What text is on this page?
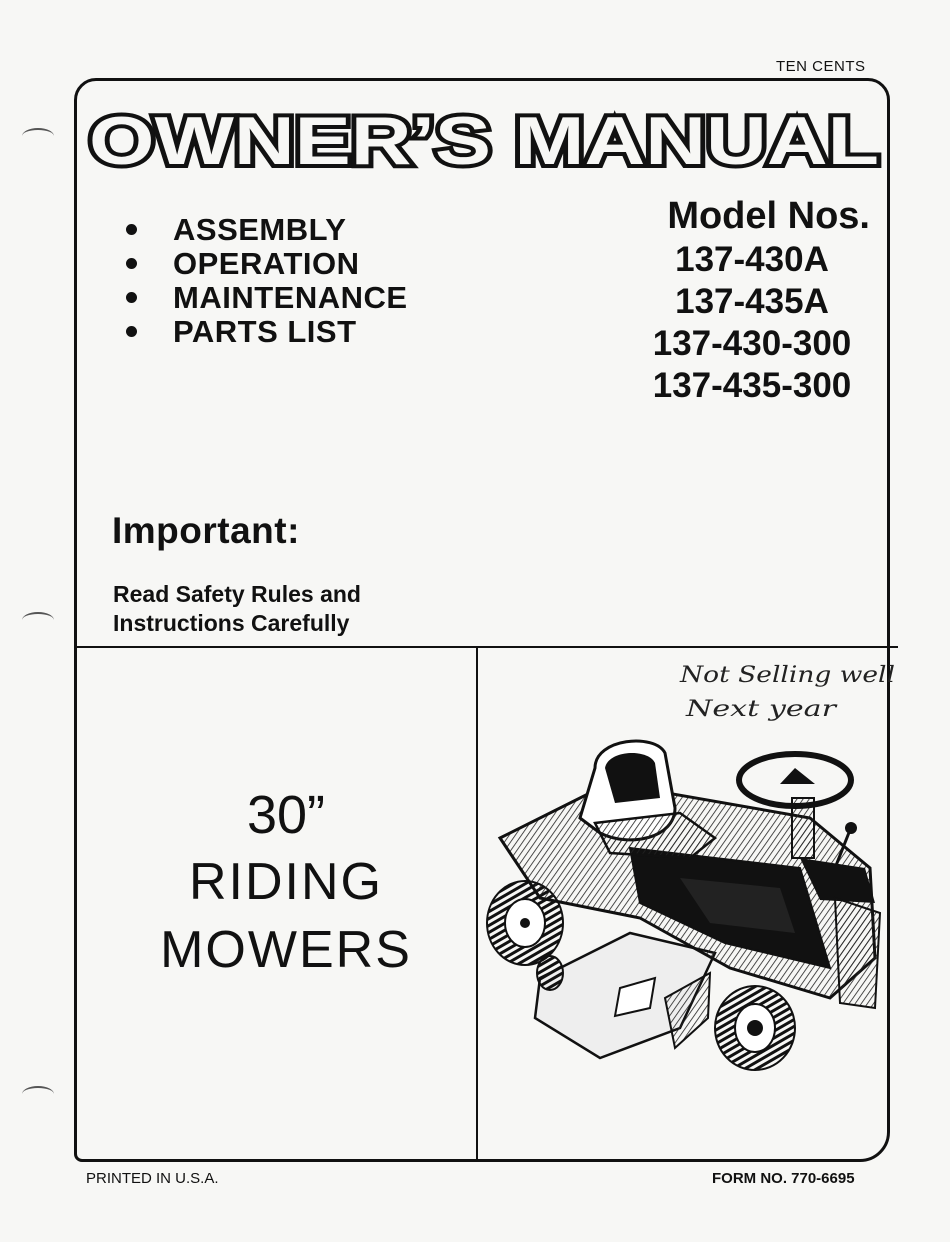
TEN CENTS
OWNER’S MANUAL
ASSEMBLY
OPERATION
MAINTENANCE
PARTS LIST
Model Nos.
137-430A
137-435A
137-430-300
137-435-300
Important:
Read Safety Rules and
Instructions Carefully
30”
RIDING
MOWERS
Not Selling well
Next year
PRINTED IN U.S.A.	FORM NO. 770-6695
